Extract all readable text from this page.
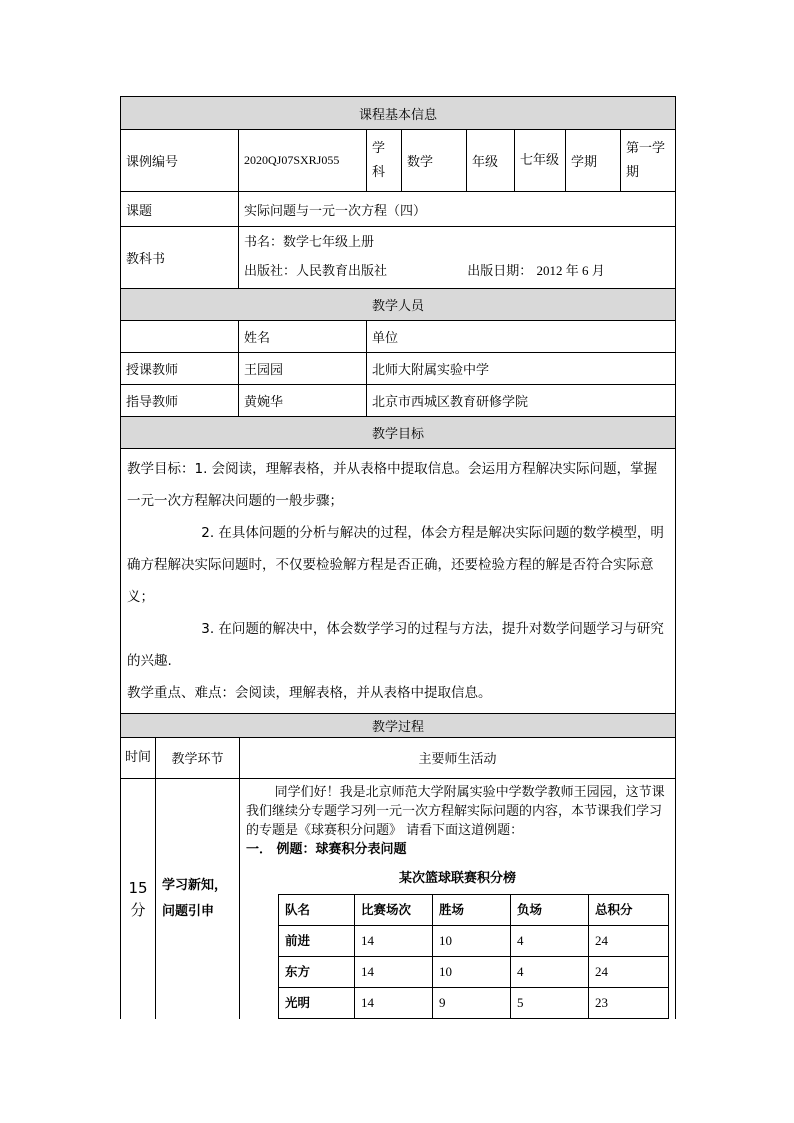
课程基本信息							
课例编号	2020QJ07SXRJ055	学科	数学	年级	七年级	学期	第一学期
课题	实际问题与一元一次方程（四）						
教科书	书名：数学七年级上册
出版社：人民教育出版社 出版日期： 2012 年 6 月						

教学人员							
	姓名	单位					
授课教师	王园园	北师大附属实验中学					
指导教师	黄婉华	北京市西城区教育研修学院					
教学目标							

教学目标：1. 会阅读，理解表格，并从表格中提取信息。会运用方程解决实际问题，掌握一元一次方程解决问题的一般步骤；

2. 在具体问题的分析与解决的过程，体会方程是解决实际问题的数学模型，明确方程解决实际问题时，不仅要检验解方程是否正确，还要检验方程的解是否符合实际意义；

3. 在问题的解决中，体会数学学习的过程与方法，提升对数学问题学习与研究的兴趣.

教学重点、难点：会阅读，理解表格，并从表格中提取信息。							

教学过程							
时间	教学环节	主要师生活动
15分	学习新知，问题引申	

同学们好！我是北京师范大学附属实验中学数学教师王园园，这节课我们继续分专题学习列一元一次方程解实际问题的内容，本节课我们学习的专题是《球赛积分问题》 请看下面这道例题：

一． 例题：球赛积分表问题

某次篮球联赛积分榜

队名	比赛场次	胜场	负场	总积分
前进	14	10	4	24
东方	14	10	4	24
光明	14	9	5	23
